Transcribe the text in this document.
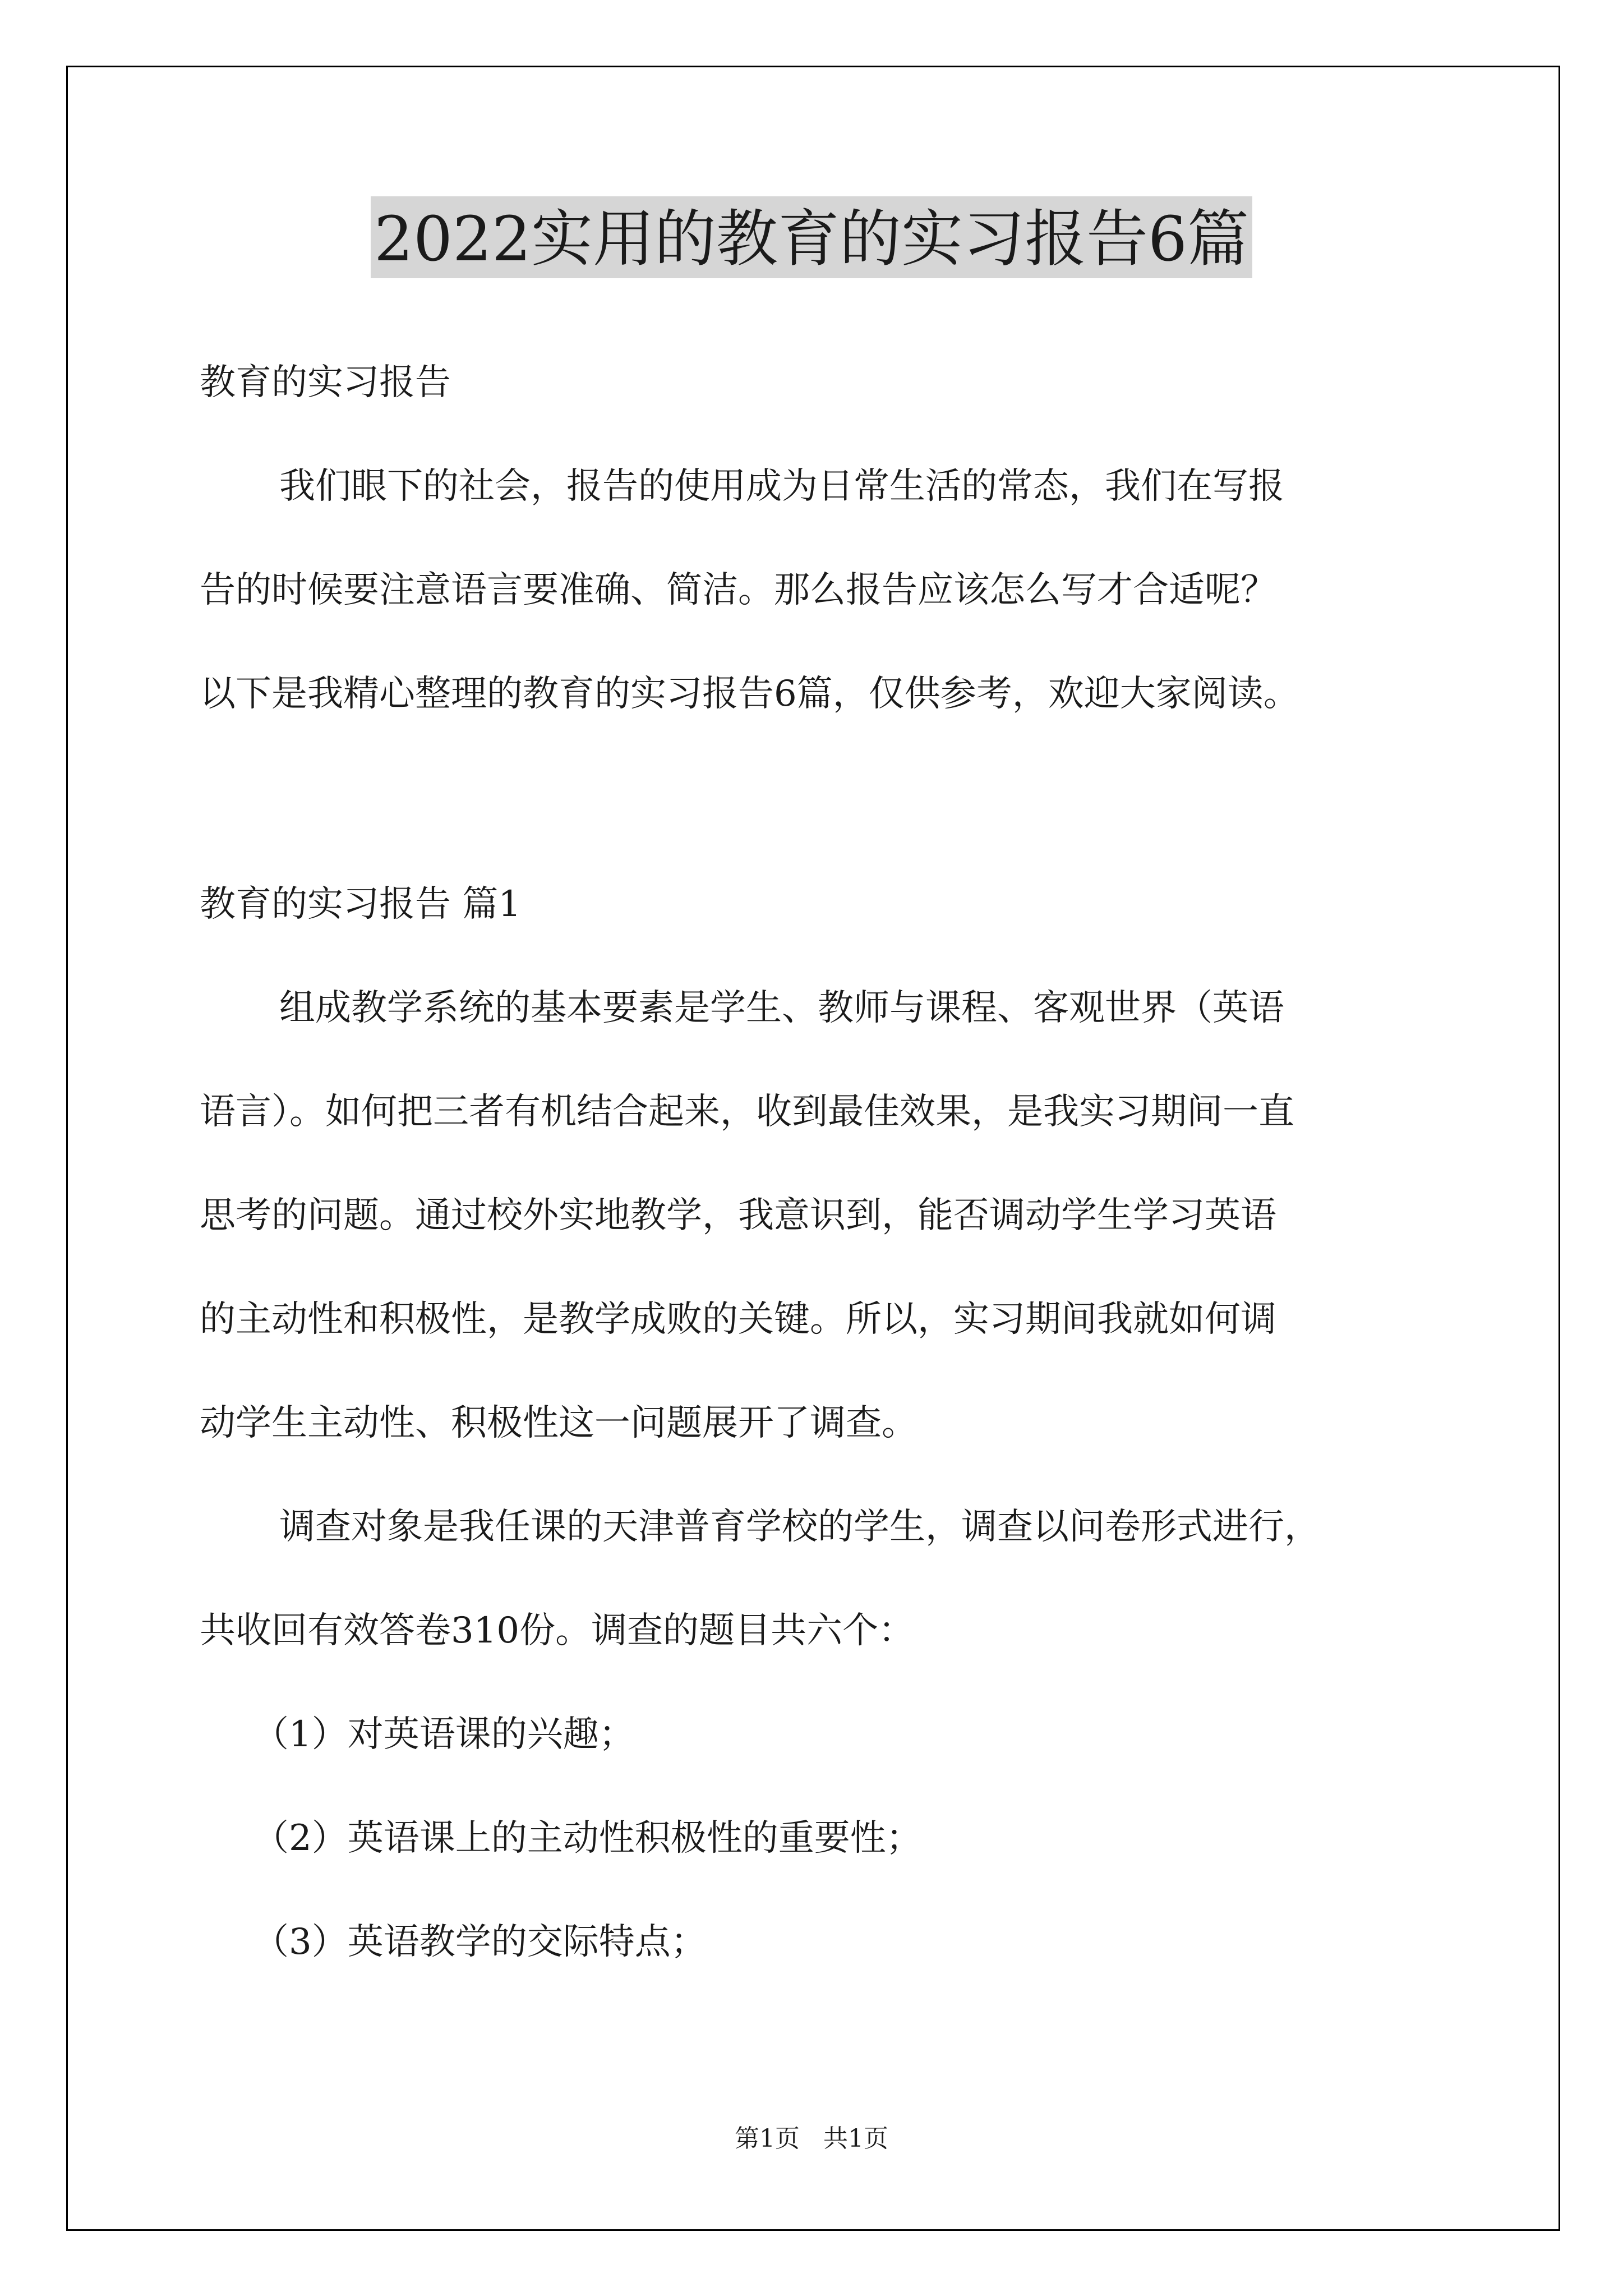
2022实用的教育的实习报告6篇

教育的实习报告

我们眼下的社会，报告的使用成为日常生活的常态，我们在写报

告的时候要注意语言要准确、简洁。那么报告应该怎么写才合适呢？

以下是我精心整理的教育的实习报告6篇，仅供参考，欢迎大家阅读。

教育的实习报告 篇1

组成教学系统的基本要素是学生、教师与课程、客观世界（英语

语言）。如何把三者有机结合起来，收到最佳效果，是我实习期间一直

思考的问题。通过校外实地教学，我意识到，能否调动学生学习英语

的主动性和积极性，是教学成败的关键。所以，实习期间我就如何调

动学生主动性、积极性这一问题展开了调查。

调查对象是我任课的天津普育学校的学生，调查以问卷形式进行，

共收回有效答卷310份。调查的题目共六个：

（1）对英语课的兴趣；

（2）英语课上的主动性积极性的重要性；

（3）英语教学的交际特点；

第1页 共1页
